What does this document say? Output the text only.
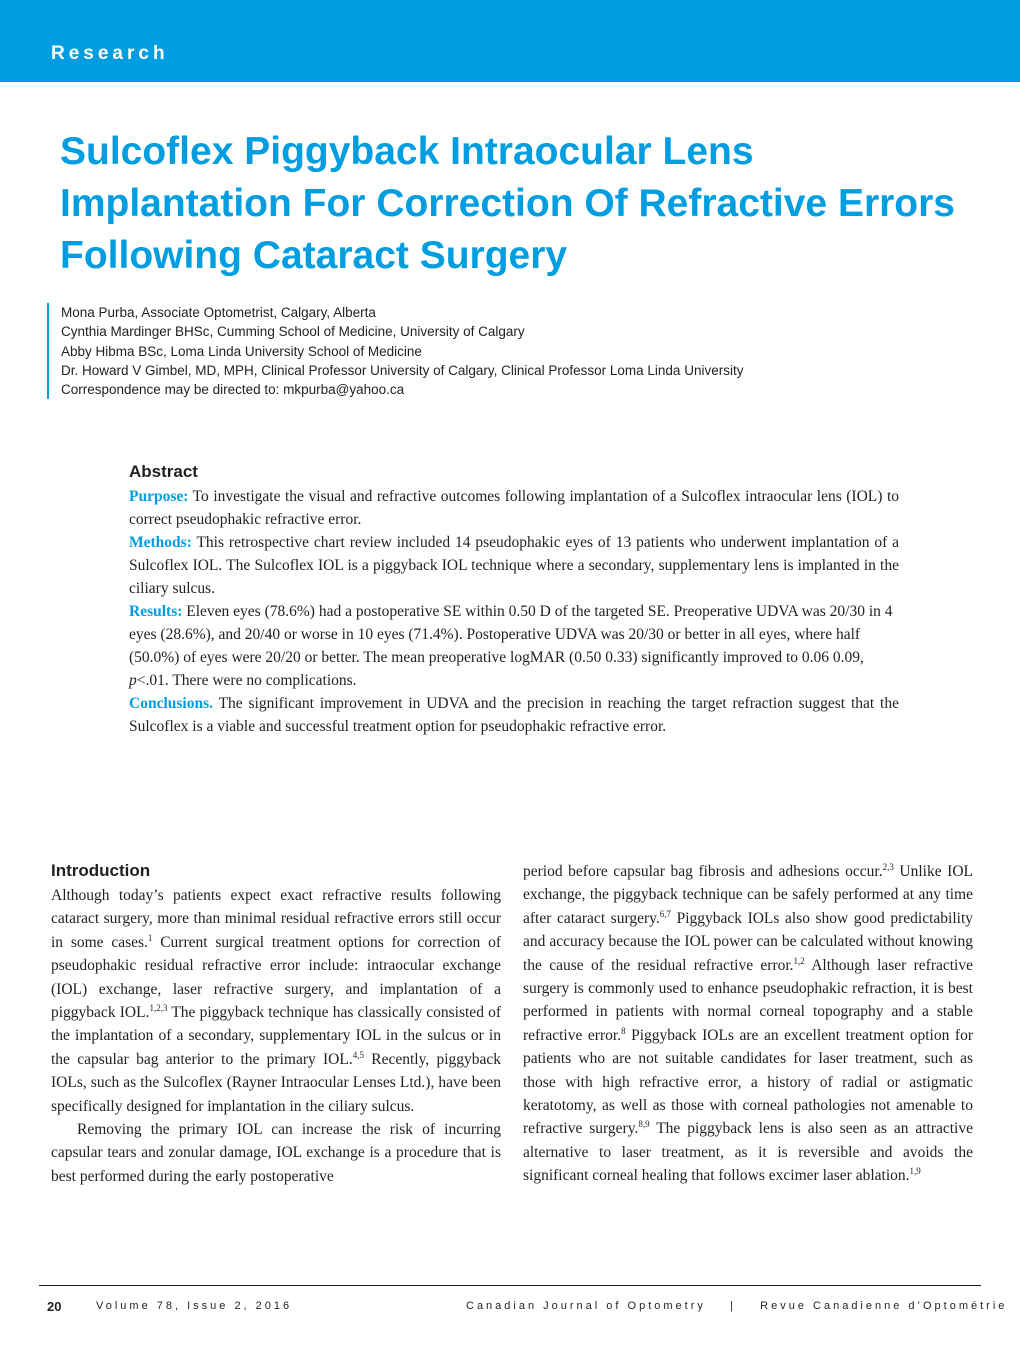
Research
Sulcoflex Piggyback Intraocular Lens Implantation For Correction Of Refractive Errors Following Cataract Surgery
Mona Purba, Associate Optometrist, Calgary, Alberta
Cynthia Mardinger BHSc, Cumming School of Medicine, University of Calgary
Abby Hibma BSc, Loma Linda University School of Medicine
Dr. Howard V Gimbel, MD, MPH, Clinical Professor University of Calgary, Clinical Professor Loma Linda University
Correspondence may be directed to: mkpurba@yahoo.ca
Abstract

Purpose: To investigate the visual and refractive outcomes following implantation of a Sulcoflex intraocular lens (IOL) to correct pseudophakic refractive error.

Methods: This retrospective chart review included 14 pseudophakic eyes of 13 patients who underwent implantation of a Sulcoflex IOL. The Sulcoflex IOL is a piggyback IOL technique where a secondary, supplementary lens is implanted in the ciliary sulcus.

Results: Eleven eyes (78.6%) had a postoperative SE within 0.50 D of the targeted SE. Preoperative UDVA was 20/30 in 4 eyes (28.6%), and 20/40 or worse in 10 eyes (71.4%). Postoperative UDVA was 20/30 or better in all eyes, where half (50.0%) of eyes were 20/20 or better. The mean preoperative logMAR (0.50 0.33) significantly improved to 0.06 0.09, p<.01. There were no complications.

Conclusions. The significant improvement in UDVA and the precision in reaching the target refraction suggest that the Sulcoflex is a viable and successful treatment option for pseudophakic refractive error.

Introduction

Although today’s patients expect exact refractive results following cataract surgery, more than minimal residual refractive errors still occur in some cases.$^1$ Current surgical treatment options for correction of pseudophakic residual refractive error include: intraocular exchange (IOL) exchange, laser refractive surgery, and implantation of a piggyback IOL.$^{1,2,3}$ The piggyback technique has classically consisted of the implantation of a secondary, supplementary IOL in the sulcus or in the capsular bag anterior to the primary IOL.$^{4,5}$ Recently, piggyback IOLs, such as the Sulcoflex (Rayner Intraocular Lenses Ltd.), have been specifically designed for implantation in the ciliary sulcus.

Removing the primary IOL can increase the risk of incurring capsular tears and zonular damage, IOL exchange is a procedure that is best performed during the early postoperative

period before capsular bag fibrosis and adhesions occur.$^{2,3}$ Unlike IOL exchange, the piggyback technique can be safely performed at any time after cataract surgery.$^{6,7}$ Piggyback IOLs also show good predictability and accuracy because the IOL power can be calculated without knowing the cause of the residual refractive error.$^{1,2}$ Although laser refractive surgery is commonly used to enhance pseudophakic refraction, it is best performed in patients with normal corneal topography and a stable refractive error.$^8$ Piggyback IOLs are an excellent treatment option for patients who are not suitable candidates for laser treatment, such as those with high refractive error, a history of radial or astigmatic keratotomy, as well as those with corneal pathologies not amenable to refractive surgery.$^{8,9}$ The piggyback lens is also seen as an attractive alternative to laser treatment, as it is reversible and avoids the significant corneal healing that follows excimer laser ablation.$^{1,9}$

20	Volume 78, Issue 2, 2016	Canadian Journal of Optometry    |    Revue Canadienne d’Optométrie
